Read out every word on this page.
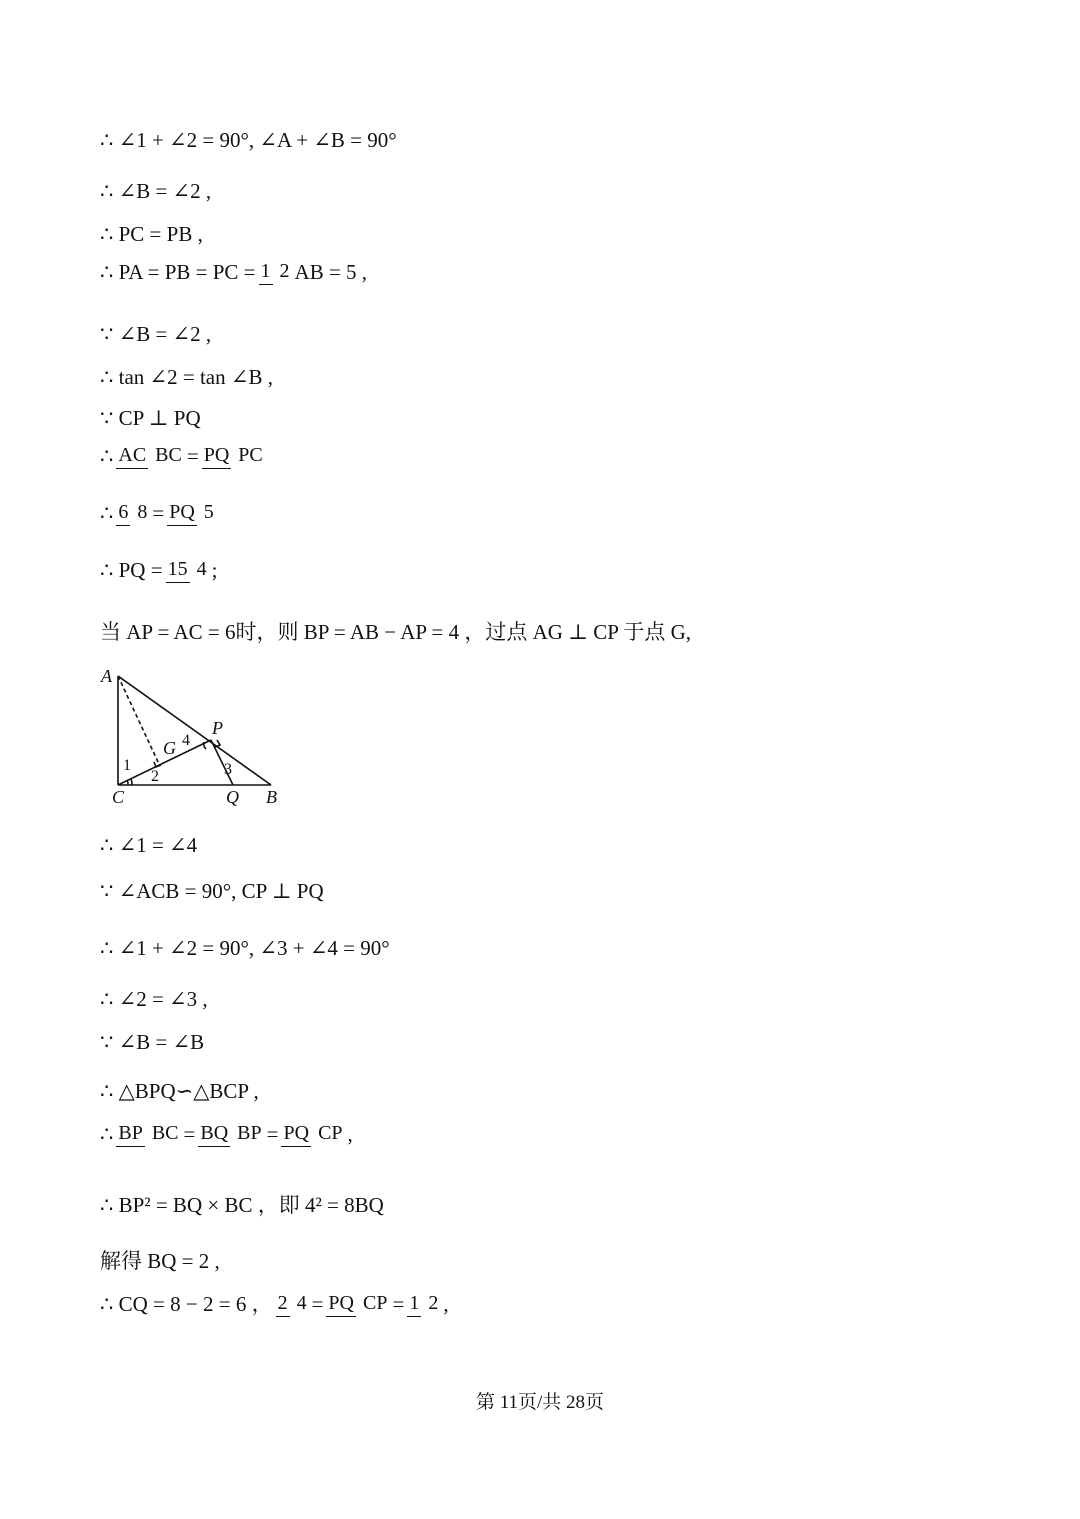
∴ ∠1 + ∠2 = 90°, ∠A + ∠B = 90°
∴ ∠B = ∠2 ,
∴ PC = PB ,
∴ PA = PB = PC = 1 2 AB = 5 ,
∵ ∠B = ∠2 ,
∴ tan ∠2 = tan ∠B ,
∵ CP ⊥ PQ
∴ AC BC = PQ PC
∴ 6 8 = PQ 5
∴ PQ = 15 4 ;
当 AP = AC = 6时，则 BP = AB − AP = 4 ，过点 AG ⊥ CP 于点 G,
A
P
C	Q B
G
1
2	3
4
∴ ∠1 = ∠4
∵ ∠ACB = 90°, CP ⊥ PQ
∴ ∠1 + ∠2 = 90°, ∠3 + ∠4 = 90°
∴ ∠2 = ∠3 ,
∵ ∠B = ∠B
∴ △BPQ∽△BCP ,
∴ BP BC = BQ BP = PQ CP ,
∴ BP² = BQ × BC ，即 4² = 8BQ
解得 BQ = 2 ,
∴ CQ = 8 − 2 = 6 ， 2 4 = PQ CP = 1 2 ,
第 11页/共 28页
